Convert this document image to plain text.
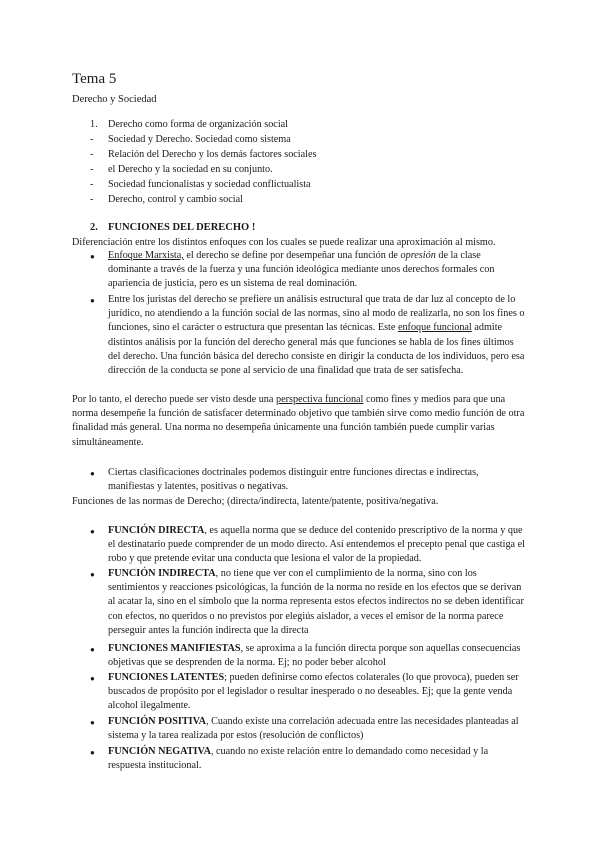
Tema 5
Derecho y Sociedad
1. Derecho como forma de organización social
- Sociedad y Derecho. Sociedad como sistema
- Relación del Derecho y los demás factores sociales
- el Derecho y la sociedad en su conjunto.
- Sociedad funcionalistas y sociedad conflictualista
- Derecho, control y cambio social
2. FUNCIONES DEL DERECHO !
Diferenciación entre los distintos enfoques con los cuales se puede realizar una aproximación al mismo.
● Enfoque Marxista, el derecho se define por desempeñar una función de opresión de la clase dominante a través de la fuerza y una función ideológica mediante unos derechos formales con apariencia de justicia, pero es un sistema de real dominación.
● Entre los juristas del derecho se prefiere un análisis estructural que trata de dar luz al concepto de lo jurídico, no atendiendo a la función social de las normas, sino al modo de realizarla, no son los fines o funciones, sino el carácter o estructura que presentan las técnicas. Este enfoque funcional admite distintos análisis por la función del derecho general más que funciones se habla de los fines últimos del derecho. Una función básica del derecho consiste en dirigir la conducta de los individuos, pero esa dirección de la conducta se pone al servicio de una finalidad que trata de ser satisfecha.
Por lo tanto, el derecho puede ser visto desde una perspectiva funcional como fines y medios para que una norma desempeñe la función de satisfacer determinado objetivo que también sirve como medio función de otra finalidad más general. Una norma no desempeña únicamente una función también puede cumplir varias simultáneamente.
● Ciertas clasificaciones doctrinales podemos distinguir entre funciones directas e indirectas, manifiestas y latentes, positivas o negativas.
Funciones de las normas de Derecho; (directa/indirecta, latente/patente, positiva/negativa.
● FUNCIÓN DIRECTA, es aquella norma que se deduce del contenido prescriptivo de la norma y que el destinatario puede comprender de un modo directo. Así entendemos el precepto penal que castiga el robo y que pretende evitar una conducta que lesiona el valor de la propiedad.
● FUNCIÓN INDIRECTA, no tiene que ver con el cumplimiento de la norma, sino con los sentimientos y reacciones psicológicas, la función de la norma no reside en los efectos que se derivan al acatar la, sino en el símbolo que la norma representa estos efectos indirectos no se deben identificar con efectos, no queridos o no previstos por elegiús aislador, a veces el emisor de la norma parece perseguir antes la función indirecta que la directa
● FUNCIONES MANIFIESTAS, se aproxima a la función directa porque son aquellas consecuencias objetivas que se desprenden de la norma. Ej; no poder beber alcohol
● FUNCIONES LATENTES; pueden definirse como efectos colaterales (lo que provoca), pueden ser buscados de propósito por el legislador o resultar inesperado o no deseables. Ej; que la gente venda alcohol ilegalmente.
● FUNCIÓN POSITIVA, Cuando existe una correlación adecuada entre las necesidades planteadas al sistema y la tarea realizada por estos (resolución de conflictos)
● FUNCIÓN NEGATIVA, cuando no existe relación entre lo demandado como necesidad y la respuesta institucional.
